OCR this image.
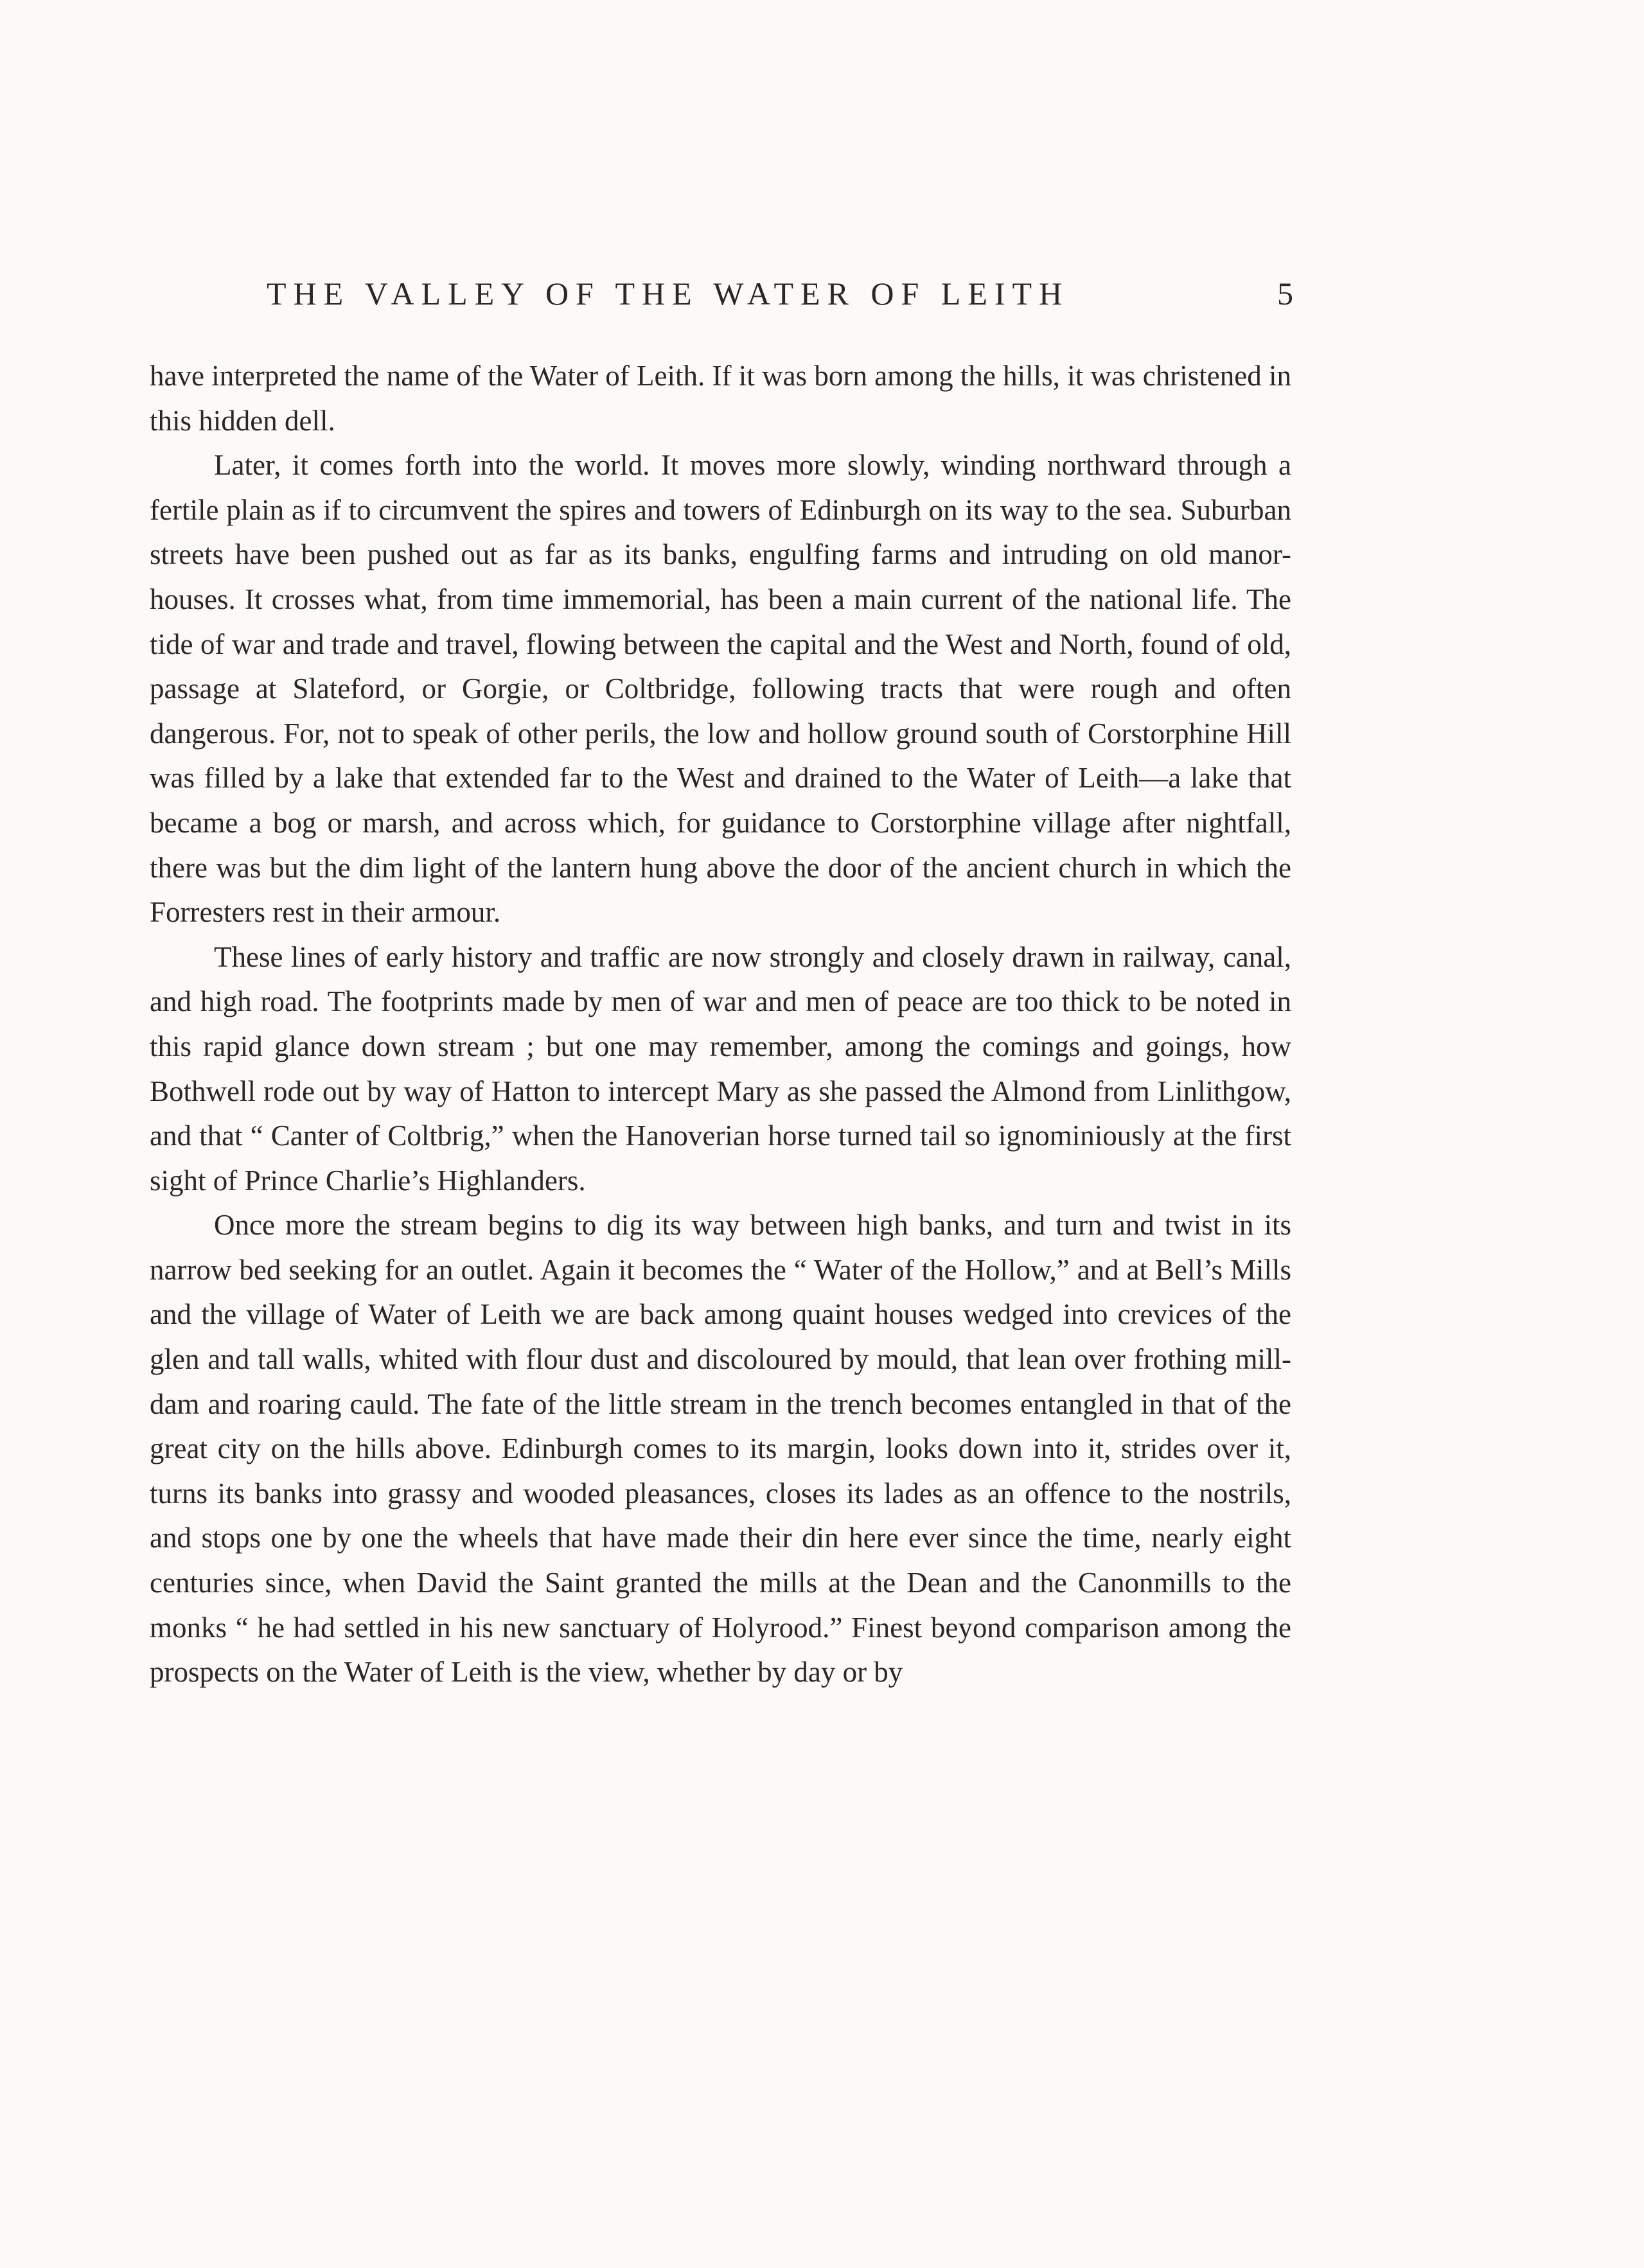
THE VALLEY OF THE WATER OF LEITH	5

have interpreted the name of the Water of Leith. If it was born among the hills, it was christened in this hidden dell.

Later, it comes forth into the world. It moves more slowly, winding northward through a fertile plain as if to circumvent the spires and towers of Edinburgh on its way to the sea. Suburban streets have been pushed out as far as its banks, engulfing farms and intruding on old manor-houses. It crosses what, from time immemorial, has been a main current of the national life. The tide of war and trade and travel, flowing between the capital and the West and North, found of old, passage at Slateford, or Gorgie, or Coltbridge, following tracts that were rough and often dangerous. For, not to speak of other perils, the low and hollow ground south of Corstorphine Hill was filled by a lake that extended far to the West and drained to the Water of Leith—a lake that became a bog or marsh, and across which, for guidance to Corstorphine village after nightfall, there was but the dim light of the lantern hung above the door of the ancient church in which the Forresters rest in their armour.

These lines of early history and traffic are now strongly and closely drawn in railway, canal, and high road. The footprints made by men of war and men of peace are too thick to be noted in this rapid glance down stream ; but one may remember, among the comings and goings, how Bothwell rode out by way of Hatton to intercept Mary as she passed the Almond from Linlithgow, and that “ Canter of Coltbrig,” when the Hanoverian horse turned tail so ignominiously at the first sight of Prince Charlie’s Highlanders.

Once more the stream begins to dig its way between high banks, and turn and twist in its narrow bed seeking for an outlet. Again it becomes the “ Water of the Hollow,” and at Bell’s Mills and the village of Water of Leith we are back among quaint houses wedged into crevices of the glen and tall walls, whited with flour dust and discoloured by mould, that lean over frothing mill-dam and roaring cauld. The fate of the little stream in the trench becomes entangled in that of the great city on the hills above. Edinburgh comes to its margin, looks down into it, strides over it, turns its banks into grassy and wooded pleasances, closes its lades as an offence to the nostrils, and stops one by one the wheels that have made their din here ever since the time, nearly eight centuries since, when David the Saint granted the mills at the Dean and the Canonmills to the monks “ he had settled in his new sanctuary of Holyrood.” Finest beyond comparison among the prospects on the Water of Leith is the view, whether by day or by
